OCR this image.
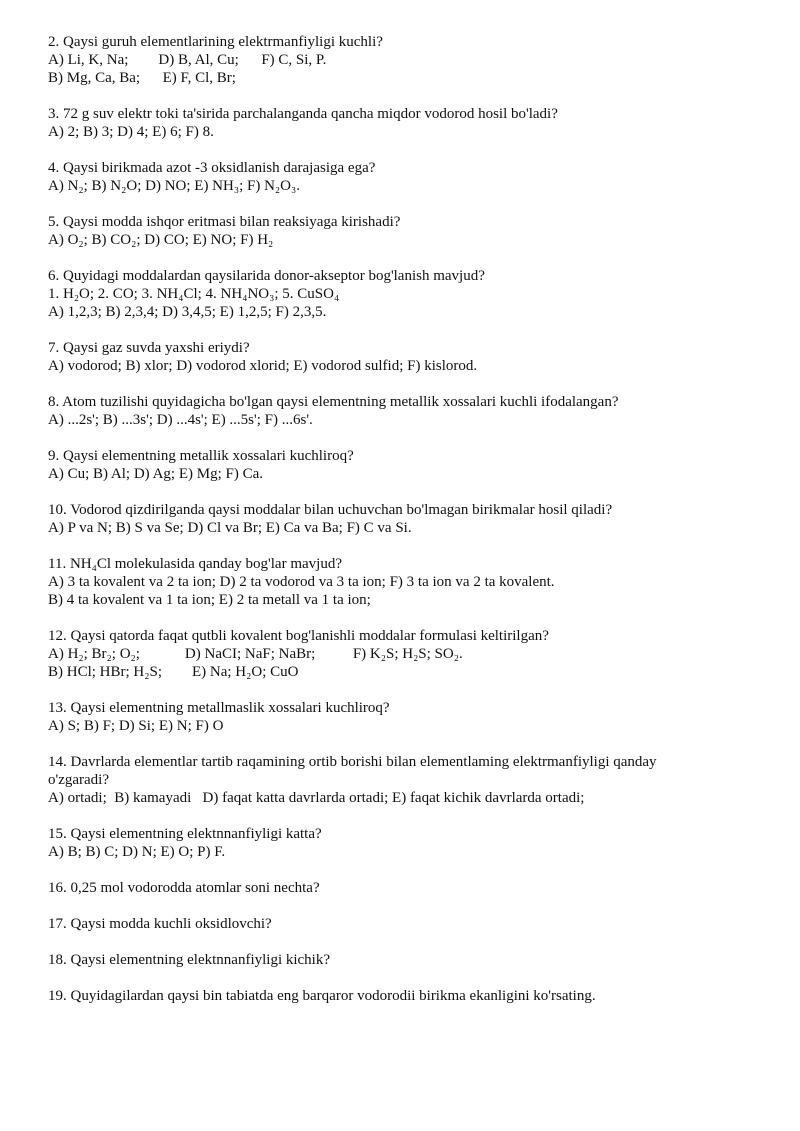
2. Qaysi guruh elementlarining elektrmanfiyligi kuchli?
A) Li, K, Na;        D) B, Al, Cu;      F) C, Si, P.
B) Mg, Ca, Ba;      E) F, Cl, Br;
3. 72 g suv elektr toki ta'sirida parchalanganda qancha miqdor vodorod hosil bo'ladi?
A) 2; B) 3; D) 4; E) 6; F) 8.
4. Qaysi birikmada azot -3 oksidlanish darajasiga ega?
A) N₂; B) N₂O; D) NO; E) NH₃; F) N₂O₃.
5. Qaysi modda ishqor eritmasi bilan reaksiyaga kirishadi?
A) O₂; B) CO₂; D) CO; E) NO; F) H₂
6. Quyidagi moddalardan qaysilarida donor-akseptor bog'lanish mavjud?
1. H₂O; 2. CO; 3. NH₄Cl; 4. NH₄NO₃; 5. CuSO₄
A) 1,2,3; B) 2,3,4; D) 3,4,5; E) 1,2,5; F) 2,3,5.
7. Qaysi gaz suvda yaxshi eriydi?
A) vodorod; B) xlor; D) vodorod xlorid; E) vodorod sulfid; F) kislorod.
8. Atom tuzilishi quyidagicha bo'lgan qaysi elementning metallik xossalari kuchli ifodalangan?
A) ...2s'; B) ...3s'; D) ...4s'; E) ...5s'; F) ...6s'.
9. Qaysi elementning metallik xossalari kuchliroq?
A) Cu; B) Al; D) Ag; E) Mg; F) Ca.
10. Vodorod qizdirilganda qaysi moddalar bilan uchuvchan bo'lmagan birikmalar hosil qiladi?
A) P va N; B) S va Se; D) Cl va Br; E) Ca va Ba; F) C va Si.
11. NH₄Cl molekulasida qanday bog'lar mavjud?
A) 3 ta kovalent va 2 ta ion; D) 2 ta vodorod va 3 ta ion; F) 3 ta ion va 2 ta kovalent.
B) 4 ta kovalent va 1 ta ion; E) 2 ta metall va 1 ta ion;
12. Qaysi qatorda faqat qutbli kovalent bog'lanishli moddalar formulasi keltirilgan?
A) H₂; Br₂; O₂;            D) NaCI; NaF; NaBr;          F) K₂S; H₂S; SO₂.
B) HCl; HBr; H₂S;        E) Na; H₂O; CuO
13. Qaysi elementning metallmaslik xossalari kuchliroq?
A) S; B) F; D) Si; E) N; F) O
14. Davrlarda elementlar tartib raqamining ortib borishi bilan elementlaming elektrmanfiyligi qanday
o'zgaradi?
A) ortadi;  B) kamayadi   D) faqat katta davrlarda ortadi; E) faqat kichik davrlarda ortadi;
15. Qaysi elementning elektnnanfiyligi katta?
A) B; B) C; D) N; E) O; P) F.
16. 0,25 mol vodorodda atomlar soni nechta?
17. Qaysi modda kuchli oksidlovchi?
18. Qaysi elementning elektnnanfiyligi kichik?
19. Quyidagilardan qaysi bin tabiatda eng barqaror vodorodii birikma ekanligini ko'rsating.
